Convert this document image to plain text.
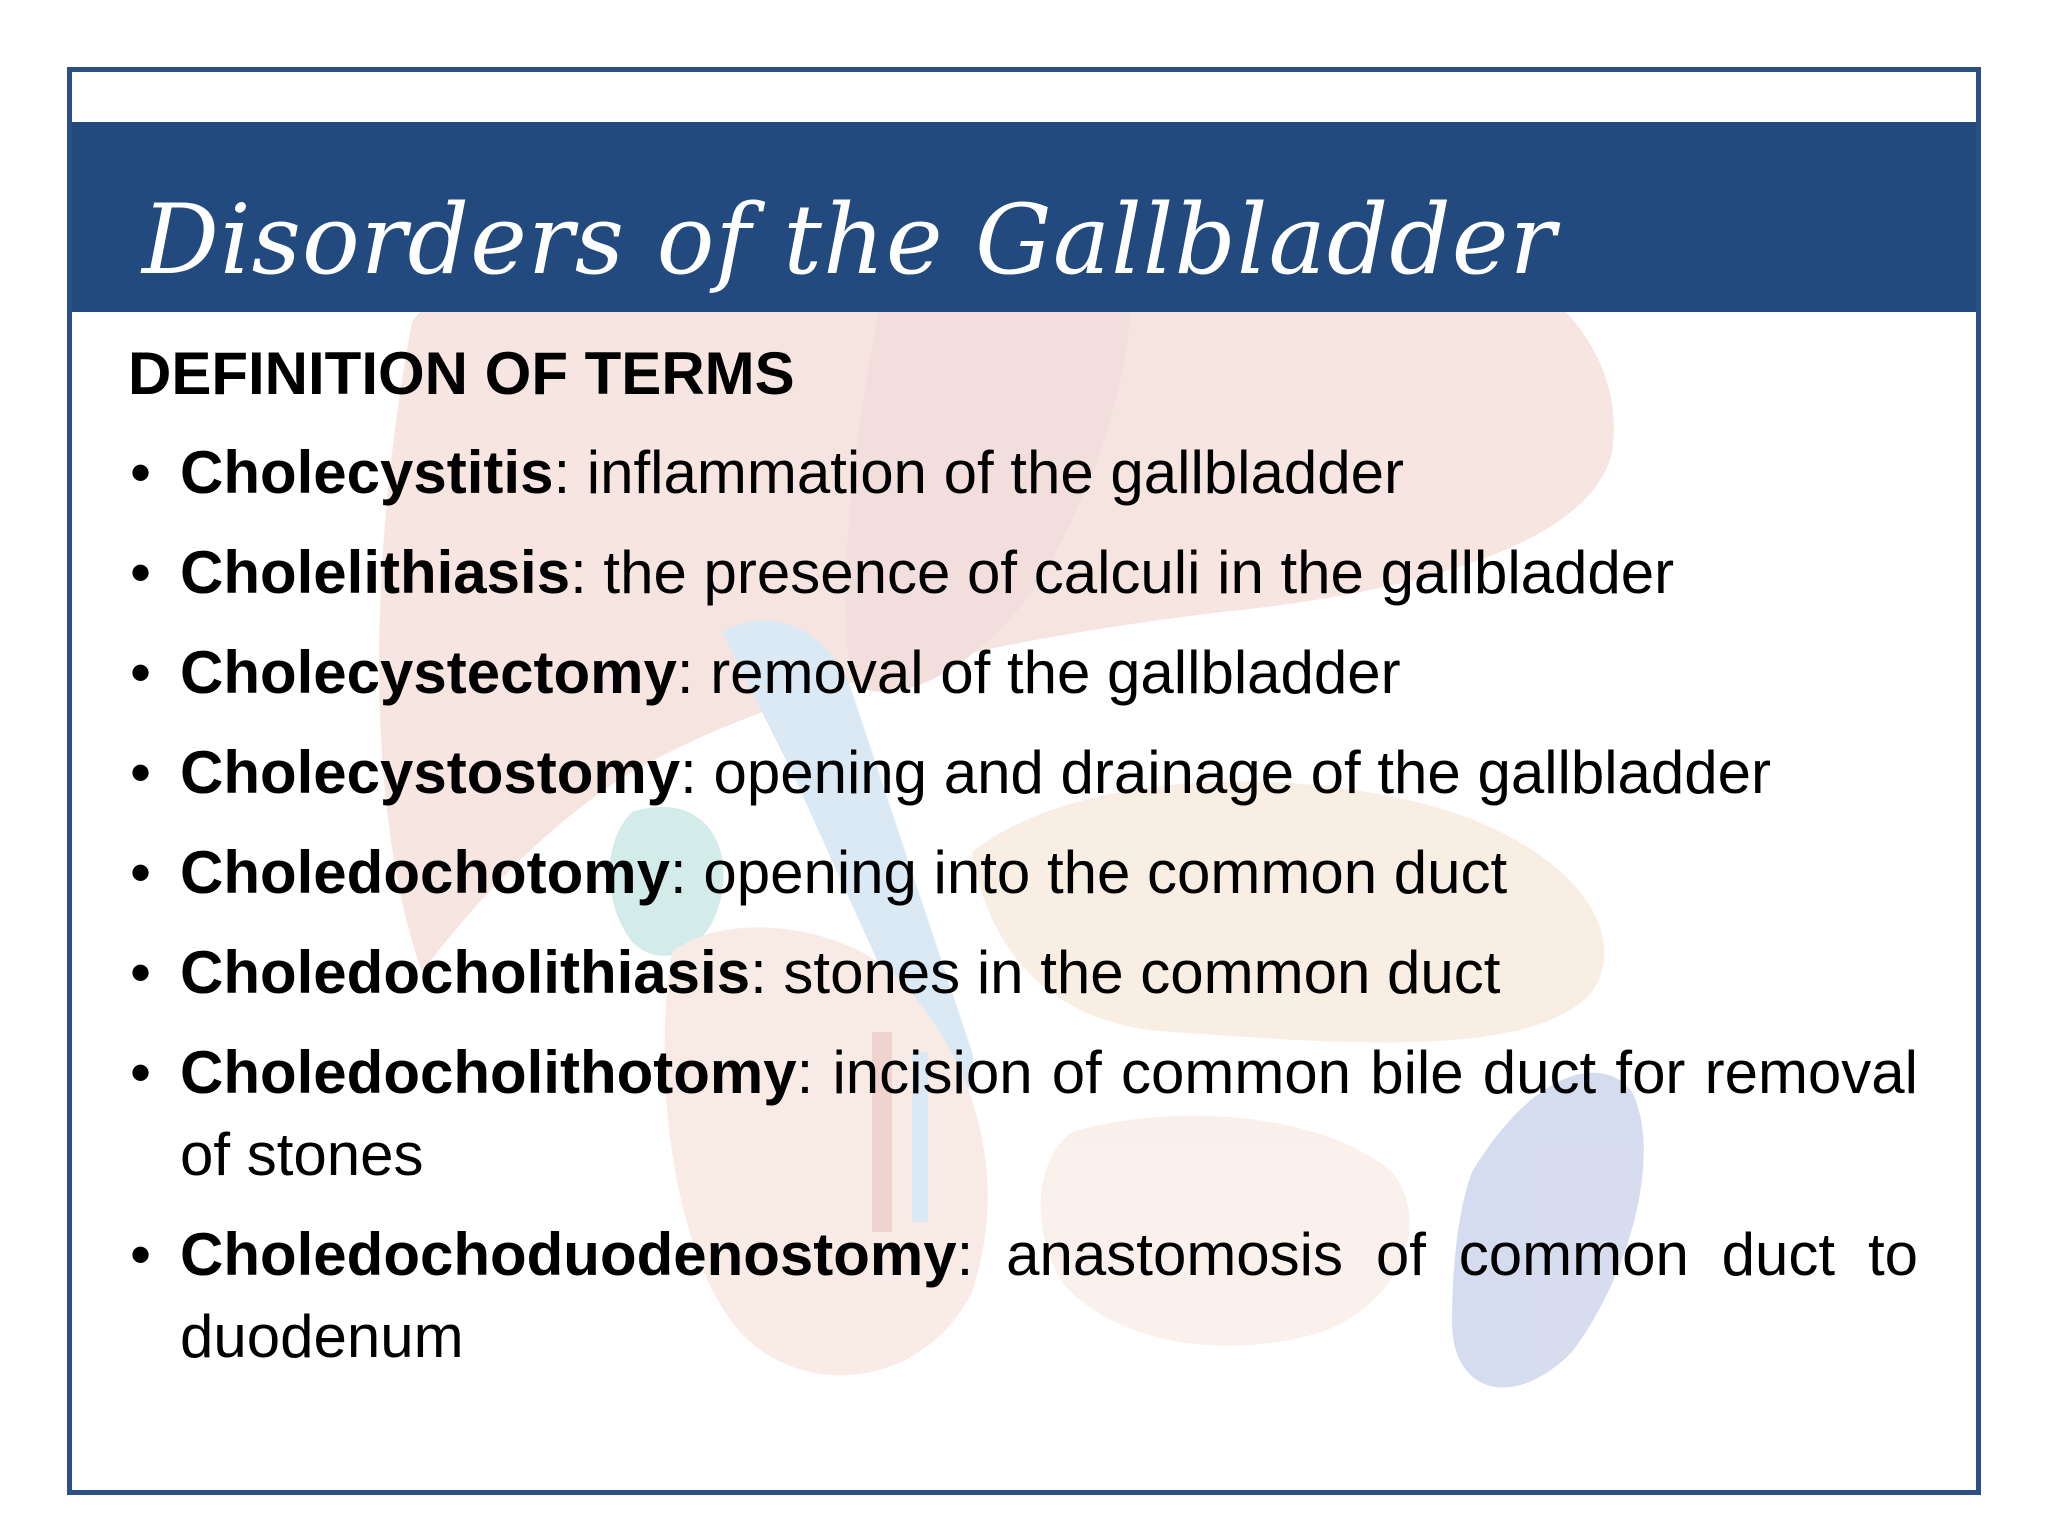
Disorders of the Gallbladder
DEFINITION OF TERMS
• Cholecystitis: inflammation of the gallbladder
• Cholelithiasis: the presence of calculi in the gallbladder
• Cholecystectomy: removal of the gallbladder
• Cholecystostomy: opening and drainage of the gallbladder
• Choledochotomy: opening into the common duct
• Choledocholithiasis: stones in the common duct
• Choledocholithotomy: incision of common bile duct for removal of stones
• Choledochoduodenostomy: anastomosis of common duct to duodenum
